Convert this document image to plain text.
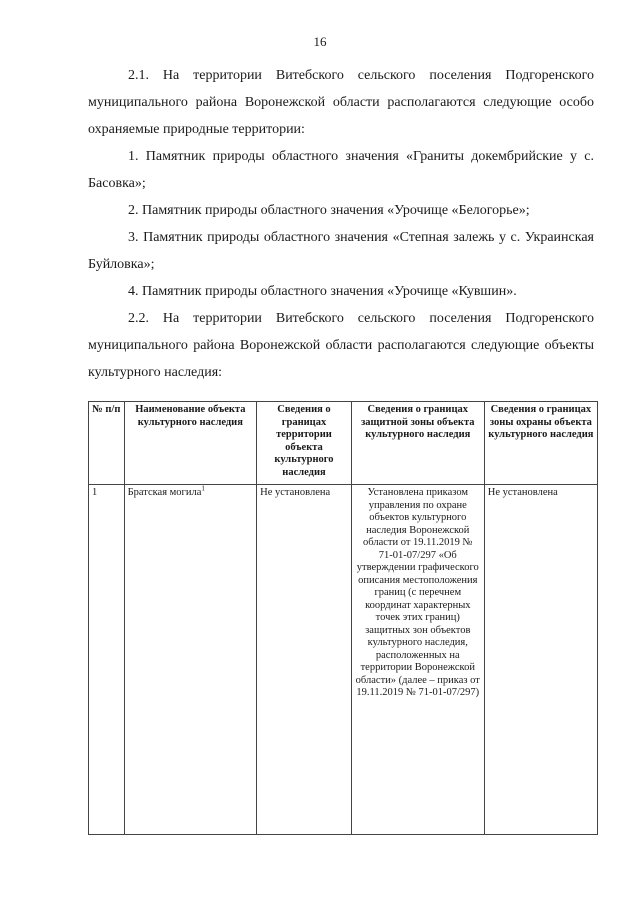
16

2.1. На территории Витебского сельского поселения Подгоренского муниципального района Воронежской области располагаются следующие особо охраняемые природные территории:

1. Памятник природы областного значения «Граниты докембрийские у с. Басовка»;

2. Памятник природы областного значения «Урочище «Белогорье»;

3. Памятник природы областного значения «Степная залежь у с. Украинская Буйловка»;

4. Памятник природы областного значения «Урочище «Кувшин».

2.2. На территории Витебского сельского поселения Подгоренского муниципального района Воронежской области располагаются следующие объекты культурного наследия:

№ п/п	Наименование объекта культурного наследия	Сведения о границах территории объекта культурного наследия	Сведения о границах защитной зоны объекта культурного наследия	Сведения о границах зоны охраны объекта культурного наследия
1	Братская могила$^1$	Не установлена	Установлена приказом управления по охране объектов культурного наследия Воронежской области от 19.11.2019 № 71-01-07/297 «Об утверждении графического описания местоположения границ (с перечнем координат характерных точек этих границ) защитных зон объектов культурного наследия, расположенных на территории Воронежской области» (далее – приказ от 19.11.2019 № 71-01-07/297)	Не установлена
